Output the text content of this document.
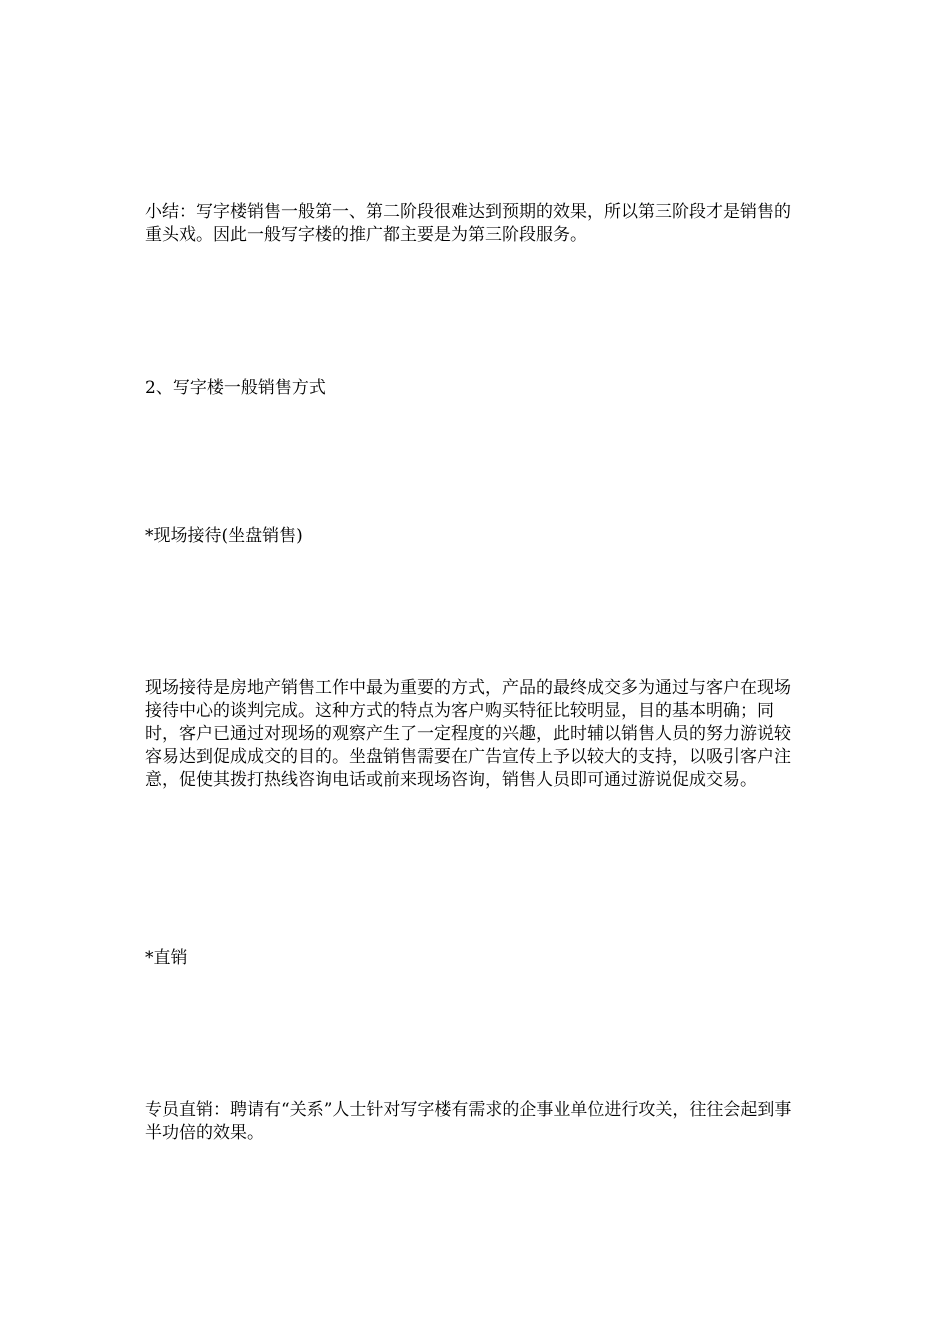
小结：写字楼销售一般第一、第二阶段很难达到预期的效果，所以第三阶段才是销售的重头戏。因此一般写字楼的推广都主要是为第三阶段服务。
2、写字楼一般销售方式
*现场接待(坐盘销售)
现场接待是房地产销售工作中最为重要的方式，产品的最终成交多为通过与客户在现场接待中心的谈判完成。这种方式的特点为客户购买特征比较明显，目的基本明确；同时，客户已通过对现场的观察产生了一定程度的兴趣，此时辅以销售人员的努力游说较容易达到促成成交的目的。坐盘销售需要在广告宣传上予以较大的支持，以吸引客户注意，促使其拨打热线咨询电话或前来现场咨询，销售人员即可通过游说促成交易。
*直销
专员直销：聘请有“关系”人士针对写字楼有需求的企事业单位进行攻关，往往会起到事半功倍的效果。
